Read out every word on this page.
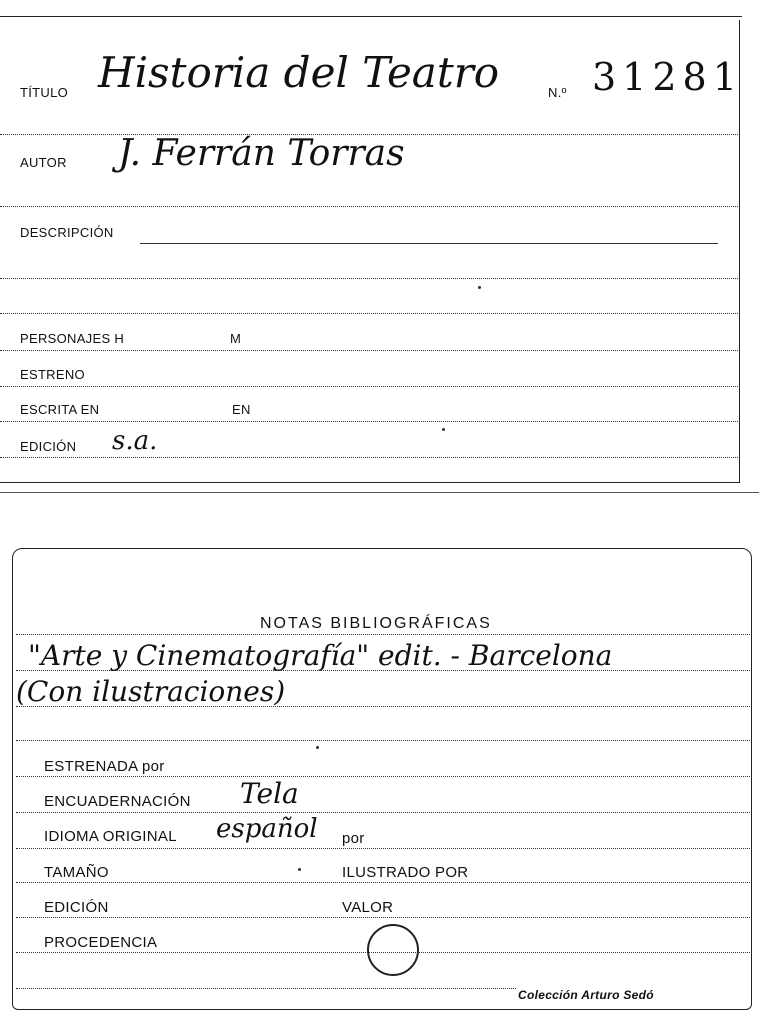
TÍTULO Historia del Teatro	N.º 31281
AUTOR J. Ferrán Torras
DESCRIPCIÓN
PERSONAJES H	M
ESTRENO
ESCRITA EN	EN
EDICIÓN s.a.
NOTAS BIBLIOGRÁFICAS
"Arte y Cinematografía" edit. - Barcelona
(Con ilustraciones)
ESTRENADA por
ENCUADERNACIÓN Tela
IDIOMA ORIGINAL español por
TAMAÑO	ILUSTRADO POR
EDICIÓN	VALOR
PROCEDENCIA
Colección Arturo Sedó
